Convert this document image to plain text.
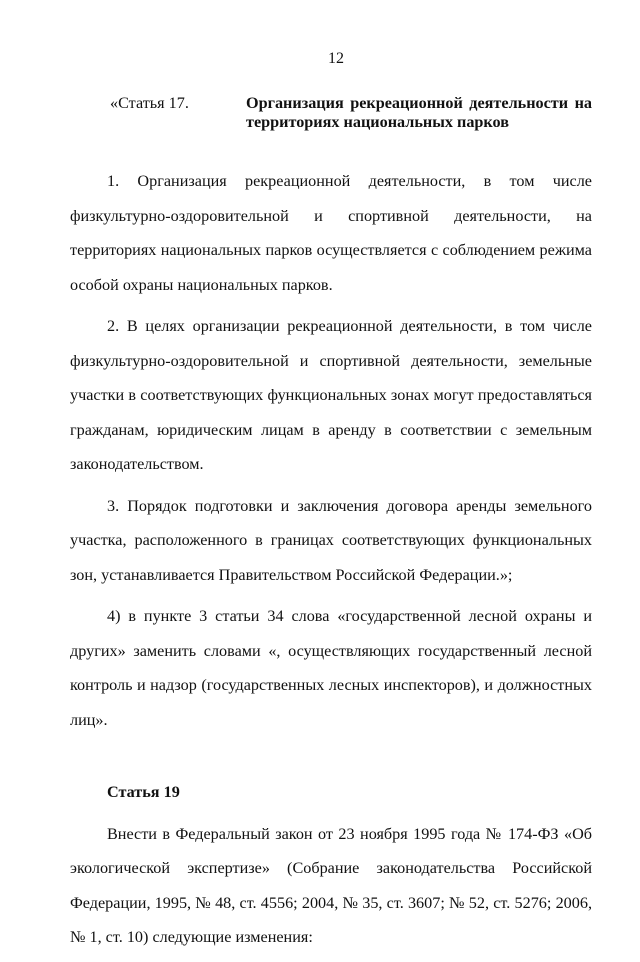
12
«Статья 17.	Организация рекреационной деятельности на
территориях национальных парков

1. Организация рекреационной деятельности, в том числе физкультурно-оздоровительной и спортивной деятельности, на территориях национальных парков осуществляется с соблюдением режима особой охраны национальных парков.

2. В целях организации рекреационной деятельности, в том числе физкультурно-оздоровительной и спортивной деятельности, земельные участки в соответствующих функциональных зонах могут предоставляться гражданам, юридическим лицам в аренду в соответствии с земельным законодательством.

3. Порядок подготовки и заключения договора аренды земельного участка, расположенного в границах соответствующих функциональных зон, устанавливается Правительством Российской Федерации.»;

4) в пункте 3 статьи 34 слова «государственной лесной охраны и других» заменить словами «, осуществляющих государственный лесной контроль и надзор (государственных лесных инспекторов), и должностных лиц».

Статья 19

Внести в Федеральный закон от 23 ноября 1995 года № 174-ФЗ «Об экологической экспертизе» (Собрание законодательства Российской Федерации, 1995, № 48, ст. 4556; 2004, № 35, ст. 3607; № 52, ст. 5276; 2006, № 1, ст. 10) следующие изменения:
